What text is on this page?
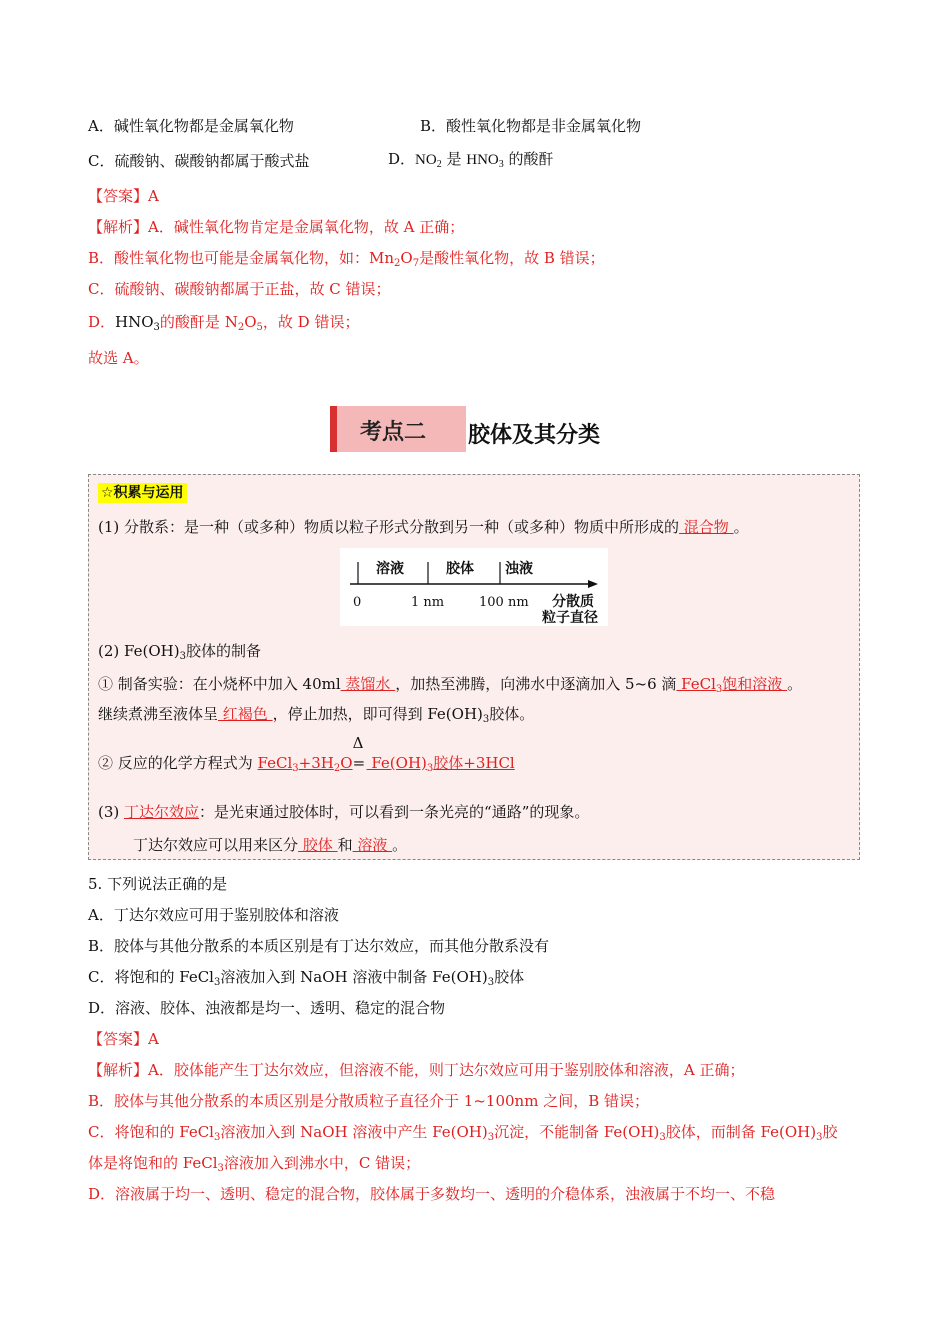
A．碱性氧化物都是金属氧化物	B．酸性氧化物都是非金属氧化物
C．硫酸钠、碳酸钠都属于酸式盐	D．$NO_2$ 是 $HNO_3$ 的酸酐
【答案】A
【解析】A．碱性氧化物肯定是金属氧化物，故 A 正确；
B．酸性氧化物也可能是金属氧化物，如：$Mn_2O_7$是酸性氧化物，故 B 错误；
C．硫酸钠、碳酸钠都属于正盐，故 C 错误；
D．$HNO_3$的酸酐是 $N_2O_5$，故 D 错误；
故选 A。
考点二 胶体及其分类
☆积累与运用
(1) 分散系：是一种（或多种）物质以粒子形式分散到另一种（或多种）物质中所形成的 混合物 。
溶液	胶体 浊液
0	1 nm	100 nm 分散质
粒子直径
(2) $Fe(OH)_3$胶体的制备
① 制备实验：在小烧杯中加入 40ml 蒸馏水 ，加热至沸腾，向沸水中逐滴加入 5~6 滴 FeCl$_3$饱和溶液 。
继续煮沸至液体呈 红褐色 ，停止加热，即可得到 $Fe(OH)_3$胶体。
② 反应的化学方程式为 $FeCl_3+3H_2O$
Δ
= $Fe(OH)_3$胶体+3HCl
(3) 丁达尔效应：是光束通过胶体时，可以看到一条光亮的“通路”的现象。
丁达尔效应可以用来区分 胶体 和 溶液 。
5. 下列说法正确的是
A．丁达尔效应可用于鉴别胶体和溶液
B．胶体与其他分散系的本质区别是有丁达尔效应，而其他分散系没有
C．将饱和的 FeCl$_3$溶液加入到 NaOH 溶液中制备 $Fe(OH)_3$胶体
D．溶液、胶体、浊液都是均一、透明、稳定的混合物
【答案】A
【解析】A．胶体能产生丁达尔效应，但溶液不能，则丁达尔效应可用于鉴别胶体和溶液，A 正确；
B．胶体与其他分散系的本质区别是分散质粒子直径介于 1~100nm 之间，B 错误；
C．将饱和的 FeCl$_3$溶液加入到 NaOH 溶液中产生 $Fe(OH)_3$沉淀，不能制备 $Fe(OH)_3$胶体，而制备 $Fe(OH)_3$胶
体是将饱和的 FeCl$_3$溶液加入到沸水中，C 错误；
D．溶液属于均一、透明、稳定的混合物，胶体属于多数均一、透明的介稳体系，浊液属于不均一、不稳
